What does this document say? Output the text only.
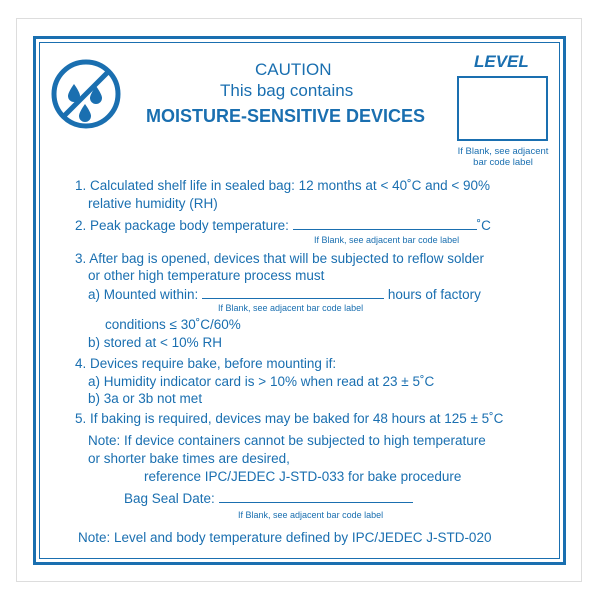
CAUTION
This bag contains
MOISTURE-SENSITIVE DEVICES
LEVEL
If Blank, see adjacent
bar code label
1. Calculated shelf life in sealed bag: 12 months at < 40˚C and < 90%
relative humidity (RH)
2. Peak package body temperature:	˚C
If Blank, see adjacent bar code label
3. After bag is opened, devices that will be subjected to reflow solder
or other high temperature process must
a) Mounted within:	hours of factory
If Blank, see adjacent bar code label
conditions ≤ 30˚C/60%
b) stored at < 10% RH
4. Devices require bake, before mounting if:
a) Humidity indicator card is > 10% when read at 23 ± 5˚C
b) 3a or 3b not met
5. If baking is required, devices may be baked for 48 hours at 125 ± 5˚C
Note: If device containers cannot be subjected to high temperature
or shorter bake times are desired,
reference IPC/JEDEC J-STD-033 for bake procedure
Bag Seal Date:
If Blank, see adjacent bar code label
Note: Level and body temperature defined by IPC/JEDEC J-STD-020
